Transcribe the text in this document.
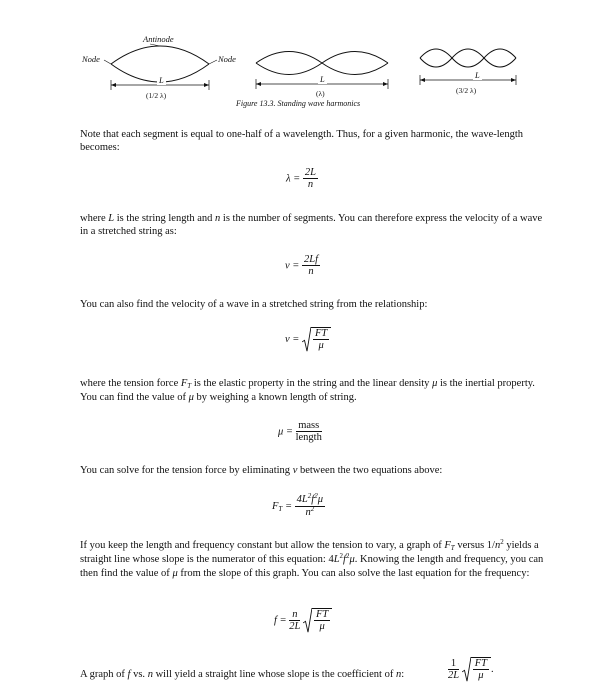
Antinode
Node	Node
L
(1/2 λ)
L
(λ)
L
(3/2 λ)
Figure 13.3. Standing wave harmonics
Note that each segment is equal to one-half of a wavelength. Thus, for a given harmonic, the wave-length becomes:
$\lambda = \frac{2L}{n}$
where L is the string length and n is the number of segments. You can therefore express the velocity of a wave in a stretched string as:
$v = \frac{2Lf}{n}$
You can also find the velocity of a wave in a stretched string from the relationship:
$v = \frac{FT}{\mu}$
where the tension force FT is the elastic property in the string and the linear density μ is the inertial property. You can find the value of μ by weighing a known length of string.
$\mu = \frac{\text{mass}}{\text{length}}$
You can solve for the tension force by eliminating v between the two equations above:
FT = $\frac{4L^2f^2\mu}{n^2}$
If you keep the length and frequency constant but allow the tension to vary, a graph of FT versus $1/n^2$ yields a straight line whose slope is the numerator of this equation: $4L^2f^2\mu$. Knowing the length and frequency, you can then find the value of μ from the slope of this graph. You can also solve the last equation for the frequency:
$f = \frac{n}{2L}$
$\frac{FT}{\mu}$
A graph of f vs. n will yield a straight line whose slope is the coefficient of n:	$\frac{1}{2L}$
$\frac{FT}{\mu}$ .
